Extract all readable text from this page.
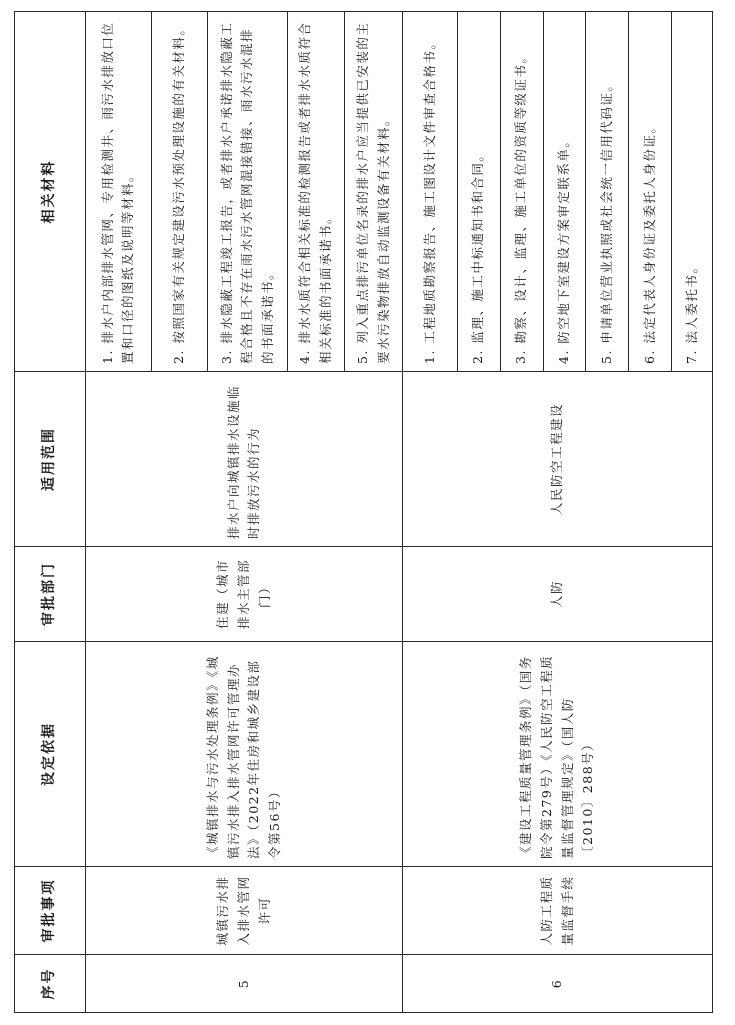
序号	审批事项	设定依据	审批部门	适用范围	相关材料
5	城镇污水排入排水管网许可	《城镇排水与污水处理条例》《城镇污水排入排水管网许可管理办法》（2022年住房和城乡建设部令第56号）	住建（城市排水主管部门）	排水户向城镇排水设施临时排放污水的行为	1. 排水户内部排水管网、专用检测井、雨污水排放口位置和口径的图纸及说明等材料。
					2. 按照国家有关规定建设污水预处理设施的有关材料。
					3. 排水隐蔽工程竣工报告，或者排水户承诺排水隐蔽工程合格且不存在雨水污水管网混接错接、雨水污水混排的书面承诺书。
					4. 排水水质符合相关标准的检测报告或者排水水质符合相关标准的书面承诺书。
					5. 列入重点排污单位名录的排水户应当提供已安装的主要水污染物排放自动监测设备有关材料。
6	人防工程质量监督手续	《建设工程质量管理条例》（国务院令第279号）《人民防空工程质量监督管理规定》（国人防〔2010〕288号）	人防	人民防空工程建设	1. 工程地质勘察报告、施工图设计文件审查合格书。
					2. 监理、施工中标通知书和合同。
					3. 勘察、设计、监理、施工单位的资质等级证书。
					4. 防空地下室建设方案审定联系单。
					5. 申请单位营业执照或社会统一信用代码证。
					6. 法定代表人身份证及委托人身份证。
					7. 法人委托书。
